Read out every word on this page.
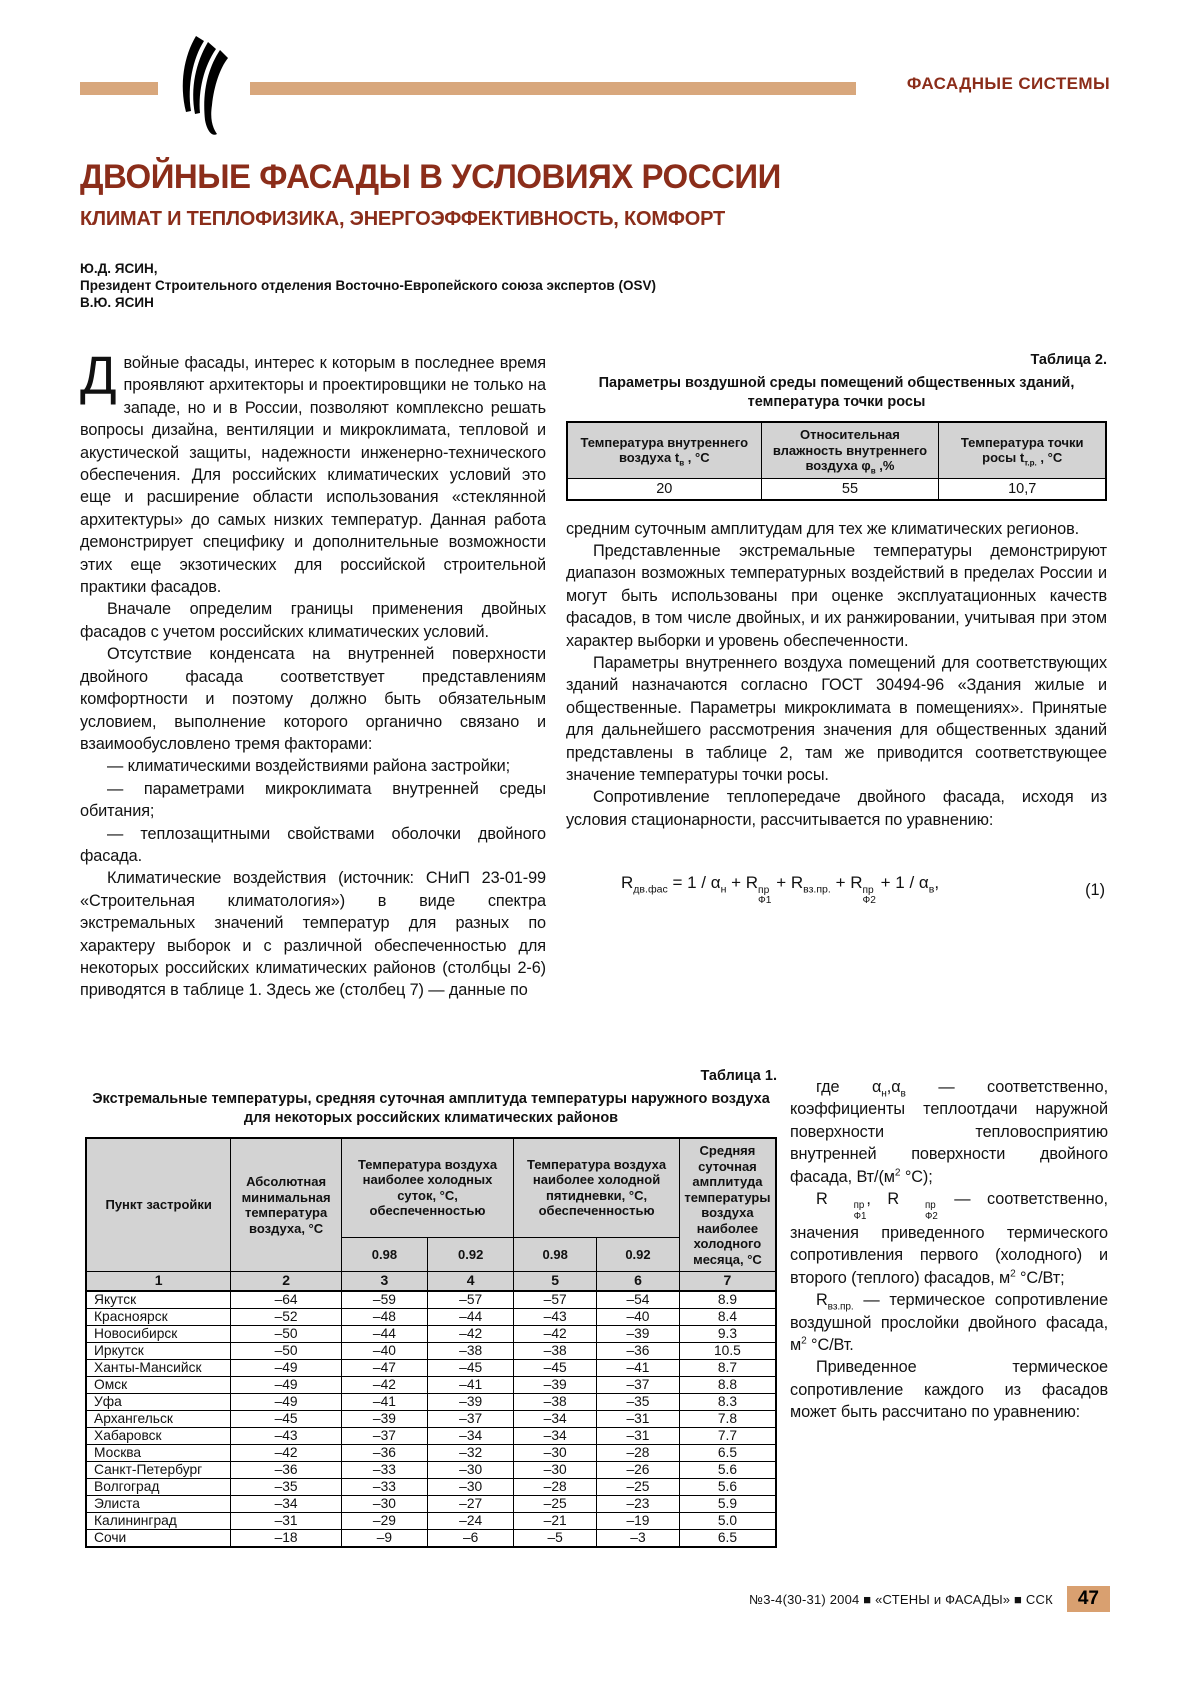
ФАСАДНЫЕ СИСТЕМЫ
ДВОЙНЫЕ ФАСАДЫ В УСЛОВИЯХ РОССИИ
КЛИМАТ И ТЕПЛОФИЗИКА, ЭНЕРГОЭФФЕКТИВНОСТЬ, КОМФОРТ
Ю.Д. ЯСИН,
Президент Строительного отделения Восточно-Европейского союза экспертов (OSV)
В.Ю. ЯСИН

Двойные фасады, интерес к которым в последнее время проявляют архитекторы и проектировщики не только на западе, но и в России, позволяют комплексно решать вопросы дизайна, вентиляции и микроклимата, тепловой и акустической защиты, надежности инженерно-технического обеспечения. Для российских климатических условий это еще и расширение области использования «стеклянной архитектуры» до самых низких температур. Данная работа демонстрирует специфику и дополнительные возможности этих еще экзотических для российской строительной практики фасадов.

Вначале определим границы применения двойных фасадов с учетом российских климатических условий.

Отсутствие конденсата на внутренней поверхности двойного фасада соответствует представлениям комфортности и поэтому должно быть обязательным условием, выполнение которого органично связано и взаимообусловлено тремя факторами:

— климатическими воздействиями района застройки;

— параметрами микроклимата внутренней среды обитания;

— теплозащитными свойствами оболочки двойного фасада.

Климатические воздействия (источник: СНиП 23-01-99 «Строительная климатология») в виде спектра экстремальных значений температур для разных по характеру выборок и с различной обеспеченностью для некоторых российских климатических районов (столбцы 2-6) приводятся в таблице 1. Здесь же (столбец 7) — данные по

Таблица 2.
Параметры воздушной среды помещений общественных зданий, температура точки росы
Температура внутреннего воздуха $t_в$ , °С	Относительная влажность внутреннего воздуха $\varphi_в$ ,%	Температура точки росы $t_{т.р.}$ , °С
20	55	10,7

средним суточным амплитудам для тех же климатических регионов.

Представленные экстремальные температуры демонстрируют диапазон возможных температурных воздействий в пределах России и могут быть использованы при оценке эксплуатационных качеств фасадов, в том числе двойных, и их ранжировании, учитывая при этом характер выборки и уровень обеспеченности.

Параметры внутреннего воздуха помещений для соответствующих зданий назначаются согласно ГОСТ 30494-96 «Здания жилые и общественные. Параметры микроклимата в помещениях». Принятые для дальнейшего рассмотрения значения для общественных зданий представлены в таблице 2, там же приводится соответствующее значение температуры точки росы.

Сопротивление теплопередаче двойного фасада, исходя из условия стационарности, рассчитывается по уравнению:

$R_{дв.фас} = 1 / \alpha_н + R$ пр
Ф1
+ $R_{вз.пр.} + R$ пр
Ф2
+ $1 / \alpha_в$,	(1)
Таблица 1.
Экстремальные температуры, средняя суточная амплитуда температуры наружного воздуха для некоторых российских климатических районов
Пункт застройки	Абсолютная минимальная температура воздуха, °С	Температура воздуха наиболее холодных суток, °С, обеспеченностью		Температура воздуха наиболее холодной пятидневки, °С, обеспеченностью		Средняя суточная амплитуда температуры воздуха наиболее холодного месяца, °С
		0.98	0.92	0.98	0.92	
1	2	3	4	5	6	7
Якутск	–64	–59	–57	–57	–54	8.9
Красноярск	–52	–48	–44	–43	–40	8.4
Новосибирск	–50	–44	–42	–42	–39	9.3
Иркутск	–50	–40	–38	–38	–36	10.5
Ханты-Мансийск	–49	–47	–45	–45	–41	8.7
Омск	–49	–42	–41	–39	–37	8.8
Уфа	–49	–41	–39	–38	–35	8.3
Архангельск	–45	–39	–37	–34	–31	7.8
Хабаровск	–43	–37	–34	–34	–31	7.7
Москва	–42	–36	–32	–30	–28	6.5
Санкт-Петербург	–36	–33	–30	–30	–26	5.6
Волгоград	–35	–33	–30	–28	–25	5.6
Элиста	–34	–30	–27	–25	–23	5.9
Калининград	–31	–29	–24	–21	–19	5.0
Сочи	–18	–9	–6	–5	–3	6.5

где $\alpha_н,\alpha_в$ — соответственно, коэффициенты теплоотдачи наружной поверхности тепловосприятию внутренней поверхности двойного фасада, $Вт/(м^2$ °С);

R	пр
Ф1
, R	пр
Ф2
— соответственно, значения приведенного термического сопротивления первого (холодного) и второго (теплого) фасадов, $м^2$ °С/Вт;

$R_{вз.пр.}$ — термическое сопротивление воздушной прослойки двойного фасада, $м^2$ °С/Вт.

Приведенное термическое сопротивление каждого из фасадов может быть рассчитано по уравнению:

№3-4(30-31) 2004 ■ «СТЕНЫ и ФАСАДЫ» ■ ССК	47
